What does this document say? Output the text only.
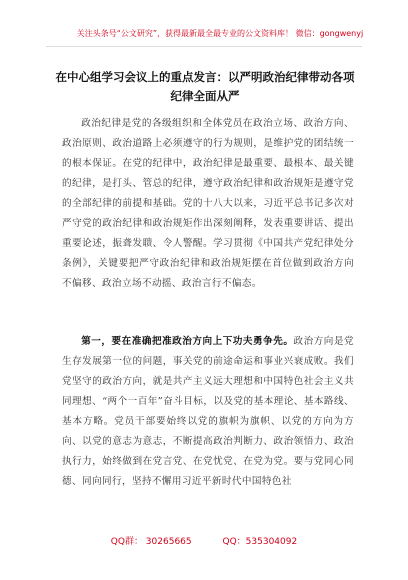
关注头条号“公文研究”，获得最新最全最专业的公文资料库！ 微信：gongwenyj
在中心组学习会议上的重点发言：以严明政治纪律带动各项纪律全面从严
政治纪律是党的各级组织和全体党员在政治立场、政治方向、政治原则、政治道路上必须遵守的行为规则，是维护党的团结统一的根本保证。在党的纪律中，政治纪律是最重要、最根本、最关键的纪律，是打头、管总的纪律，遵守政治纪律和政治规矩是遵守党的全部纪律的前提和基础。党的十八大以来，习近平总书记多次对严守党的政治纪律和政治规矩作出深刻阐释，发表重要讲话、提出重要论述，振聋发聩、令人警醒。学习贯彻《中国共产党纪律处分条例》，关键要把严守政治纪律和政治规矩摆在首位做到政治方向不偏移、政治立场不动摇、政治言行不偏态。
第一，要在准确把准政治方向上下功夫勇争先。政治方向是党生存发展第一位的问题，事关党的前途命运和事业兴衰成败。我们党坚守的政治方向，就是共产主义远大理想和中国特色社会主义共同理想、“两个一百年”奋斗目标，以及党的基本理论、基本路线、基本方略。党员干部要始终以党的旗帜为旗帜、以党的方向为方向、以党的意志为意志，不断提高政治判断力、政治领悟力、政治执行力，始终做到在党言党、在党忧党、在党为党。要与党同心同德、同向同行，坚持不懈用习近平新时代中国特色社
QQ群： 30265665	QQ：535304092
